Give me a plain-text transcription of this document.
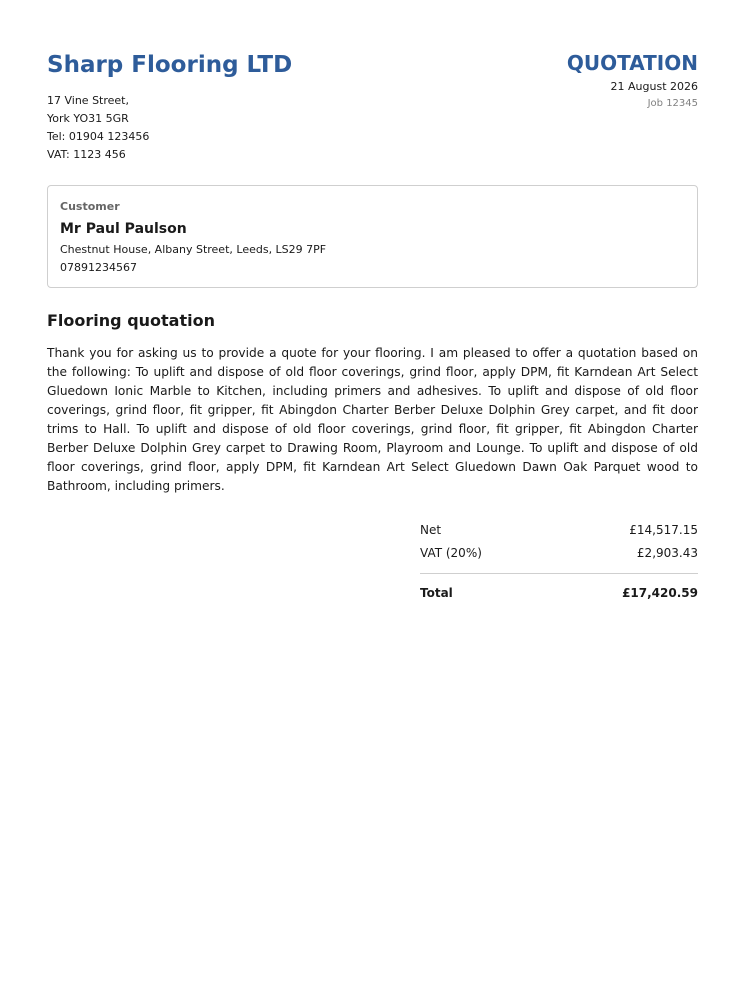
Sharp Flooring LTD
17 Vine Street,
York YO31 5GR
Tel: 01904 123456
VAT: 1123 456
QUOTATION
21 August 2026
Job 12345
Customer
Mr Paul Paulson
Chestnut House, Albany Street, Leeds, LS29 7PF
07891234567
Flooring quotation

Thank you for asking us to provide a quote for your flooring. I am pleased to offer a quotation based on the following: To uplift and dispose of old floor coverings, grind floor, apply DPM, fit Karndean Art Select Gluedown Ionic Marble to Kitchen, including primers and adhesives. To uplift and dispose of old floor coverings, grind floor, fit gripper, fit Abingdon Charter Berber Deluxe Dolphin Grey carpet, and fit door trims to Hall. To uplift and dispose of old floor coverings, grind floor, fit gripper, fit Abingdon Charter Berber Deluxe Dolphin Grey carpet to Drawing Room, Playroom and Lounge. To uplift and dispose of old floor coverings, grind floor, apply DPM, fit Karndean Art Select Gluedown Dawn Oak Parquet wood to Bathroom, including primers.

Net	£14,517.15
VAT (20%)	£2,903.43
Total	£17,420.59
